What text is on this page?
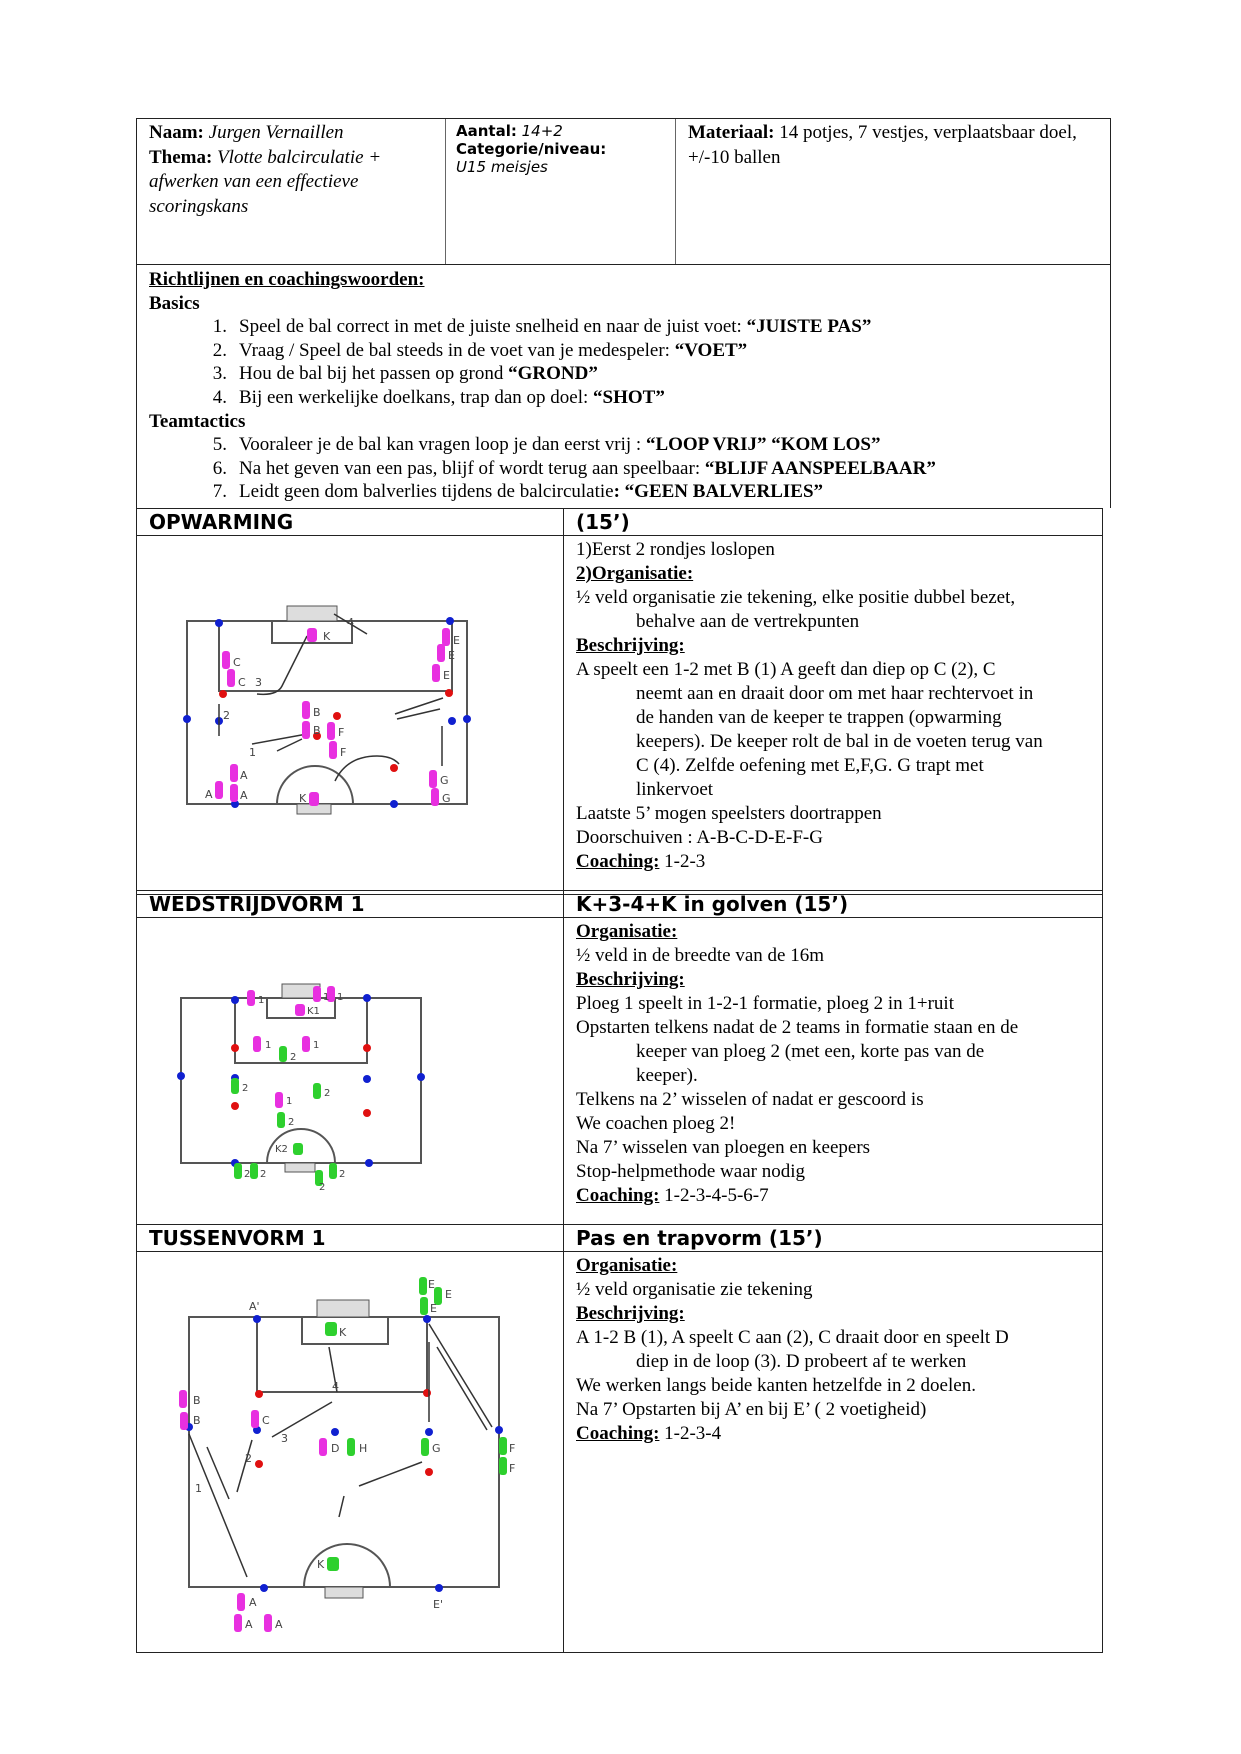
Naam: Jurgen Vernaillen
Thema: Vlotte balcirculatie + afwerken van een effectieve scoringskans
Aantal: 14+2
Categorie/niveau:
U15 meisjes
Materiaal: 14 potjes, 7 vestjes, verplaatsbaar doel, +/-10 ballen
Richtlijnen en coachingswoorden:
Basics
1. Speel de bal correct in met de juiste snelheid en naar de juist voet: “JUISTE PAS”
2. Vraag / Speel de bal steeds in de voet van je medespeler: “VOET”
3. Hou de bal bij het passen op grond “GROND”
4. Bij een werkelijke doelkans, trap dan op doel: “SHOT”
Teamtactics
5. Vooraleer je de bal kan vragen loop je dan eerst vrij : “LOOP VRIJ” “KOM LOS”
6. Na het geven van een pas, blijf of wordt terug aan speelbaar: “BLIJF AANSPEELBAAR”
7. Leidt geen dom balverlies tijdens de balcirculatie: “GEEN BALVERLIES”
OPWARMING	(15’)
K
C
C 3
4
E
E
E
2	B
B F
F
1
A
A A
G
G
K
1)Eerst 2 rondjes loslopen
2)Organisatie:
½ veld organisatie zie tekening, elke positie dubbel bezet,
behalve aan de vertrekpunten
Beschrijving:
A speelt een 1-2 met B (1) A geeft dan diep op C (2), C
neemt aan en draait door om met haar rechtervoet in
de handen van de keeper te trappen (opwarming
keepers). De keeper rolt de bal in de voeten terug van
C (4). Zelfde oefening met E,F,G. G trapt met
linkervoet
Laatste 5’ mogen speelsters doortrappen
Doorschuiven : A-B-C-D-E-F-G
Coaching: 1-2-3
WEDSTRIJDVORM 1	K+3-4+K in golven (15’)
1	1 1
K1
1	1
2
2	2
1
2
K2
2 2
2
2
Organisatie:
½ veld in de breedte van de 16m
Beschrijving:
Ploeg 1 speelt in 1-2-1 formatie, ploeg 2 in 1+ruit
Opstarten telkens nadat de 2 teams in formatie staan en de
keeper van ploeg 2 (met een, korte pas van de
keeper).
Telkens na 2’ wisselen of nadat er gescoord is
We coachen ploeg 2!
Na 7’ wisselen van ploegen en keepers
Stop-helpmethode waar nodig
Coaching: 1-2-3-4-5-6-7
TUSSENVORM 1	Pas en trapvorm (15’)
A'
K
E
E
E
B
B
4
C
3
D H	G
2
1
F
F
K
A
A A
E'
Organisatie:
½ veld organisatie zie tekening
Beschrijving:
A 1-2 B (1), A speelt C aan (2), C draait door en speelt D
diep in de loop (3). D probeert af te werken
We werken langs beide kanten hetzelfde in 2 doelen.
Na 7’ Opstarten bij A’ en bij E’ ( 2 voetigheid)
Coaching: 1-2-3-4
